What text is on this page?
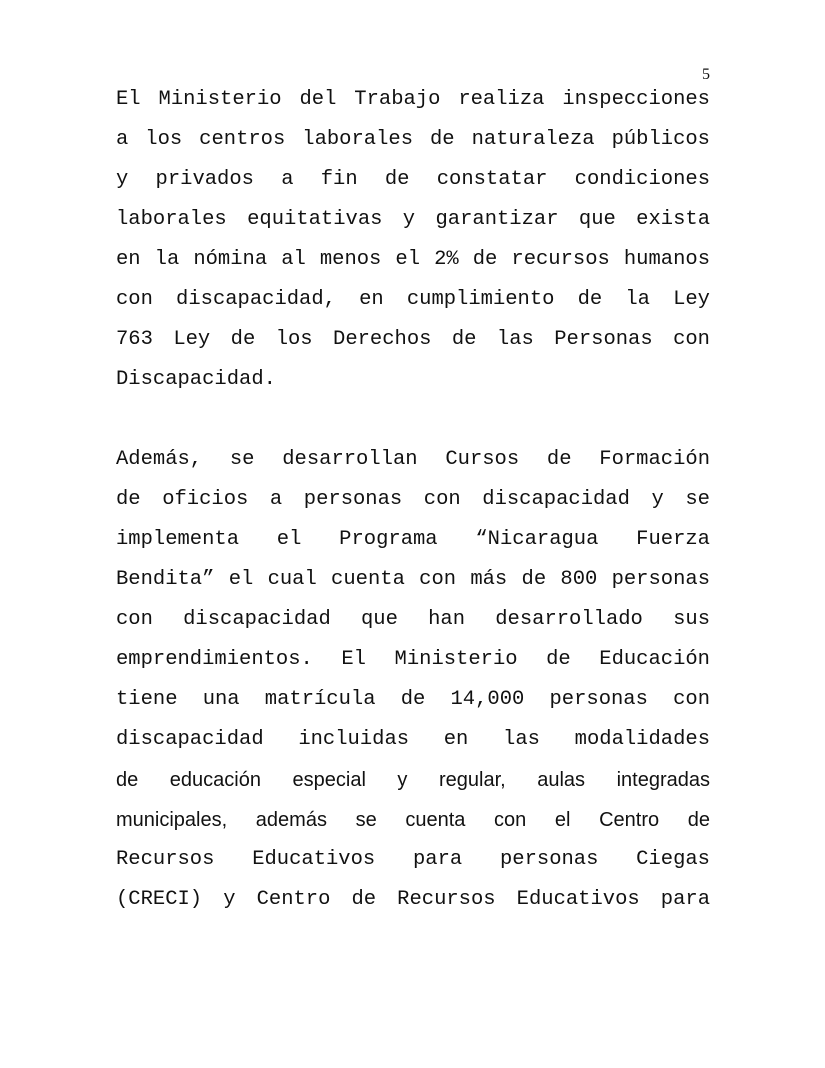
5
El Ministerio del Trabajo realiza inspecciones
a los centros laborales de naturaleza públicos
y privados a fin de constatar condiciones
laborales equitativas y garantizar que exista
en la nómina al menos el 2% de recursos humanos
con discapacidad, en cumplimiento de la Ley
763 Ley de los Derechos de las Personas con
Discapacidad.
Además, se desarrollan Cursos de Formación
de oficios a personas con discapacidad y se
implementa el Programa “Nicaragua Fuerza
Bendita” el cual cuenta con más de 800 personas
con discapacidad que han desarrollado sus
emprendimientos. El Ministerio de Educación
tiene una matrícula de 14,000 personas con
discapacidad incluidas en las modalidades
de educación especial y regular, aulas integradas
municipales, además se cuenta con el Centro de
Recursos Educativos para personas Ciegas
(CRECI) y Centro de Recursos Educativos para
